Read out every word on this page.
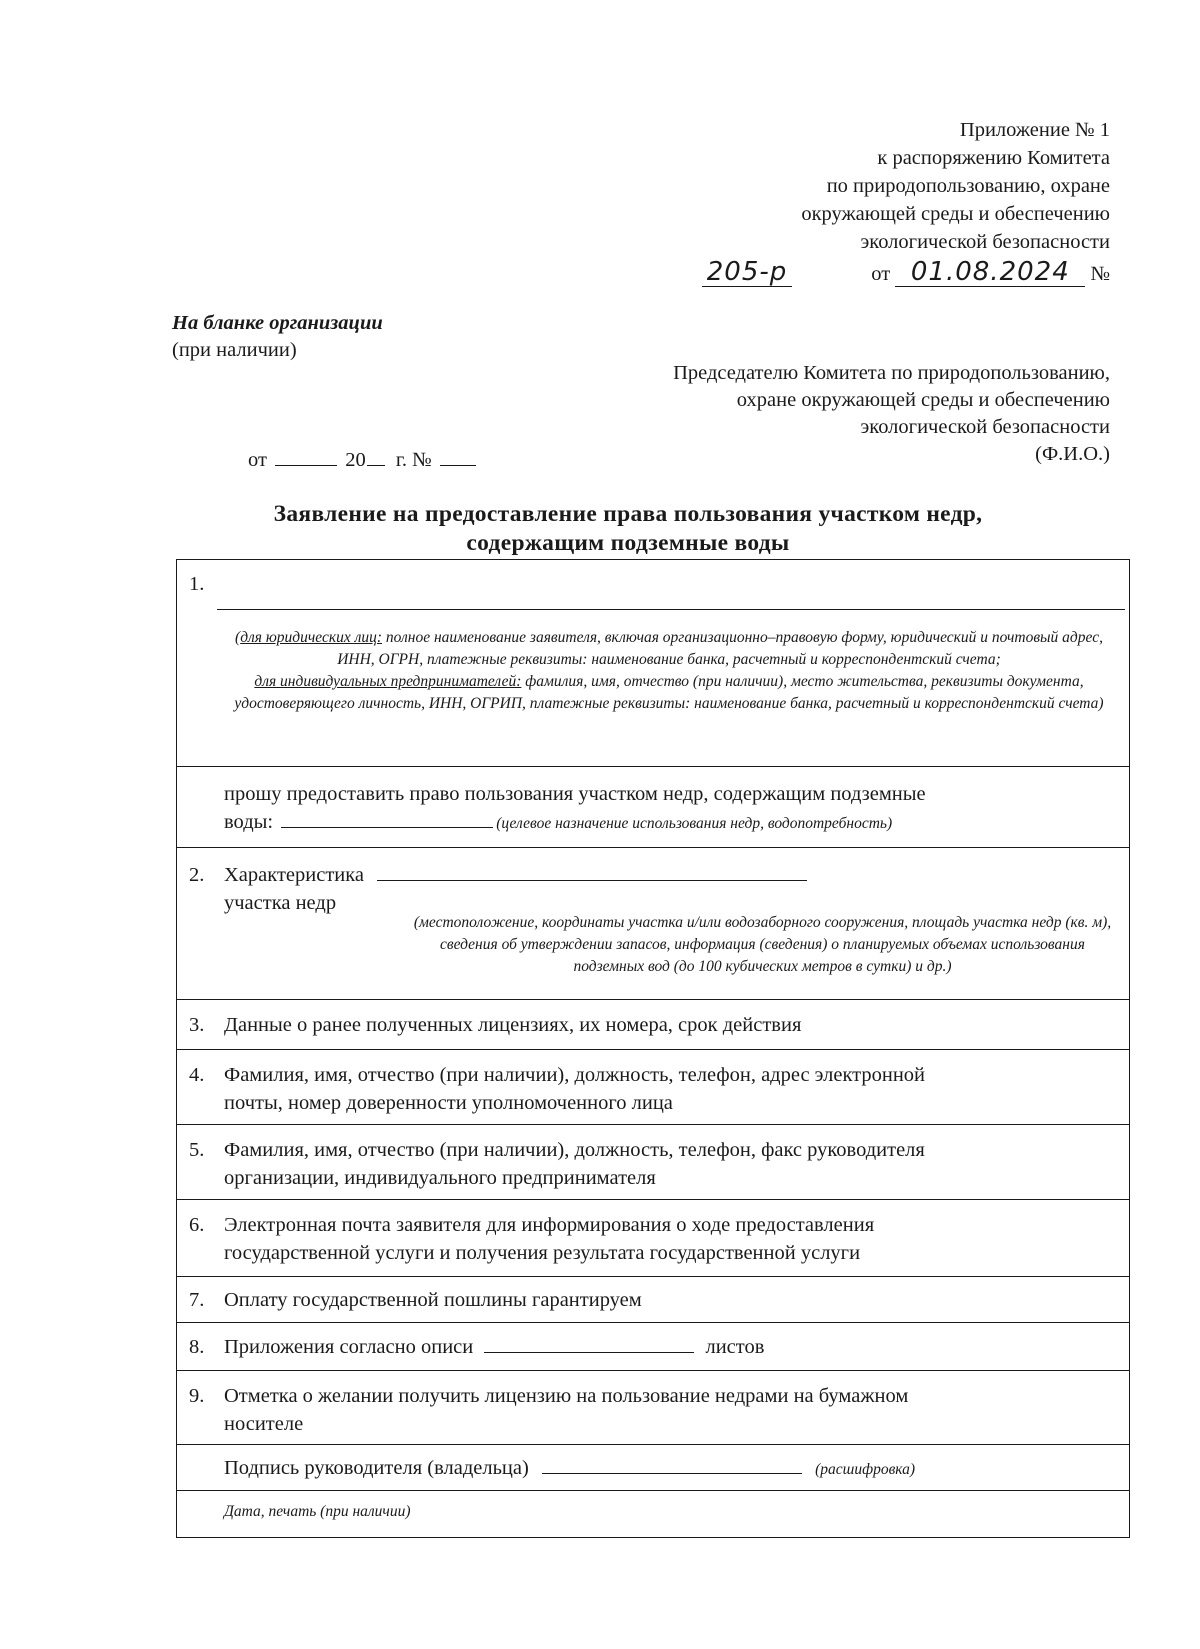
Приложение № 1
к распоряжению Комитета
по природопользованию, охране
окружающей среды и обеспечению
экологической безопасности
от 01.08.2024 №
205-р
На бланке организации
(при наличии)
Председателю Комитета по природопользованию,
охране окружающей среды и обеспечению
экологической безопасности
(Ф.И.О.)
от	20 г. №
Заявление на предоставление права пользования участком недр,
содержащим подземные воды
1.
(для юридических лиц: полное наименование заявителя, включая организационно–правовую форму, юридический и почтовый адрес, ИНН, ОГРН, платежные реквизиты: наименование банка, расчетный и корреспондентский счета;
для индивидуальных предпринимателей: фамилия, имя, отчество (при наличии), место жительства, реквизиты документа, удостоверяющего личность, ИНН, ОГРИП, платежные реквизиты: наименование банка, расчетный и корреспондентский счета)
прошу предоставить право пользования участком недр, содержащим подземные
воды:	(целевое назначение использования недр, водопотребность)
2. Характеристика
участка недр
(местоположение, координаты участка и/или водозаборного сооружения, площадь участка недр (кв. м), сведения об утверждении запасов, информация (сведения) о планируемых объемах использования подземных вод (до 100 кубических метров в сутки) и др.)
3. Данные о ранее полученных лицензиях, их номера, срок действия
4. Фамилия, имя, отчество (при наличии), должность, телефон, адрес электронной
почты, номер доверенности уполномоченного лица
5. Фамилия, имя, отчество (при наличии), должность, телефон, факс руководителя
организации, индивидуального предпринимателя
6. Электронная почта заявителя для информирования о ходе предоставления
государственной услуги и получения результата государственной услуги
7. Оплату государственной пошлины гарантируем
8. Приложения согласно описи	листов
9. Отметка о желании получить лицензию на пользование недрами на бумажном
носителе
Подпись руководителя (владельца)	(расшифровка)
Дата, печать (при наличии)
